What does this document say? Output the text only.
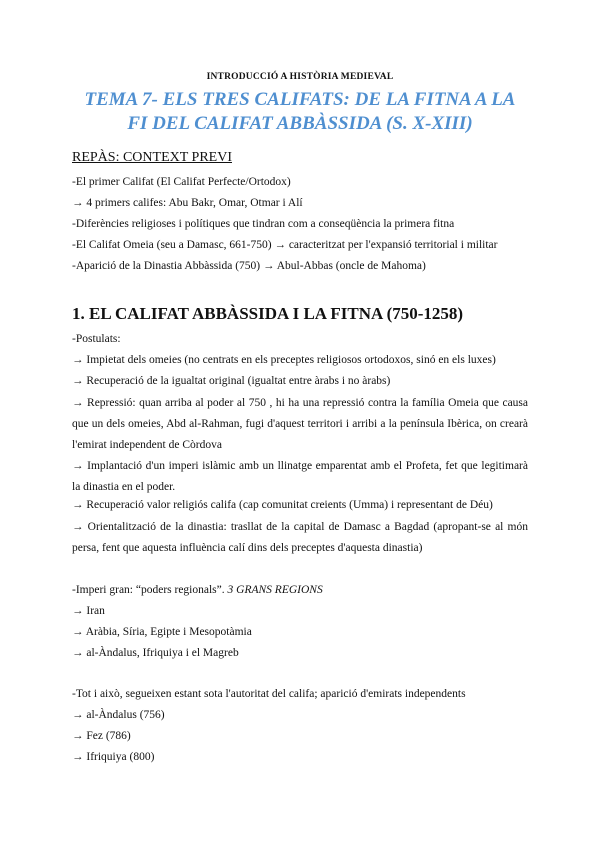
INTRODUCCIÓ A HISTÒRIA MEDIEVAL
TEMA 7- ELS TRES CALIFATS: DE LA FITNA A LA
FI DEL CALIFAT ABBÀSSIDA (S. X-XIII)
REPÀS: CONTEXT PREVI
-El primer Califat (El Califat Perfecte/Ortodox)
→ 4 primers califes: Abu Bakr, Omar, Otmar i Alí
-Diferències religioses i polítiques que tindran com a conseqüència la primera fitna
-El Califat Omeia (seu a Damasc, 661-750) → caracteritzat per l'expansió territorial i militar
-Aparició de la Dinastia Abbàssida (750) → Abul-Abbas (oncle de Mahoma)
1. EL CALIFAT ABBÀSSIDA I LA FITNA (750-1258)
-Postulats:
→ Impietat dels omeies (no centrats en els preceptes religiosos ortodoxos, sinó en els luxes)
→ Recuperació de la igualtat original (igualtat entre àrabs i no àrabs)
→ Repressió: quan arriba al poder al 750 , hi ha una repressió contra la família Omeia que causa que un dels omeies, Abd al-Rahman, fugi d'aquest territori i arribi a la península Ibèrica, on crearà l'emirat independent de Còrdova
→ Implantació d'un imperi islàmic amb un llinatge emparentat amb el Profeta, fet que legitimarà la dinastia en el poder.
→ Recuperació valor religiós califa (cap comunitat creients (Umma) i representant de Déu)
→ Orientalització de la dinastia: trasllat de la capital de Damasc a Bagdad (apropant-se al món persa, fent que aquesta influència calí dins dels preceptes d'aquesta dinastia)
-Imperi gran: “poders regionals”. 3 GRANS REGIONS
→ Iran
→ Aràbia, Síria, Egipte i Mesopotàmia
→ al-Àndalus, Ifriquiya i el Magreb
-Tot i això, segueixen estant sota l'autoritat del califa; aparició d'emirats independents
→ al-Àndalus (756)
→ Fez (786)
→ Ifriquiya (800)
